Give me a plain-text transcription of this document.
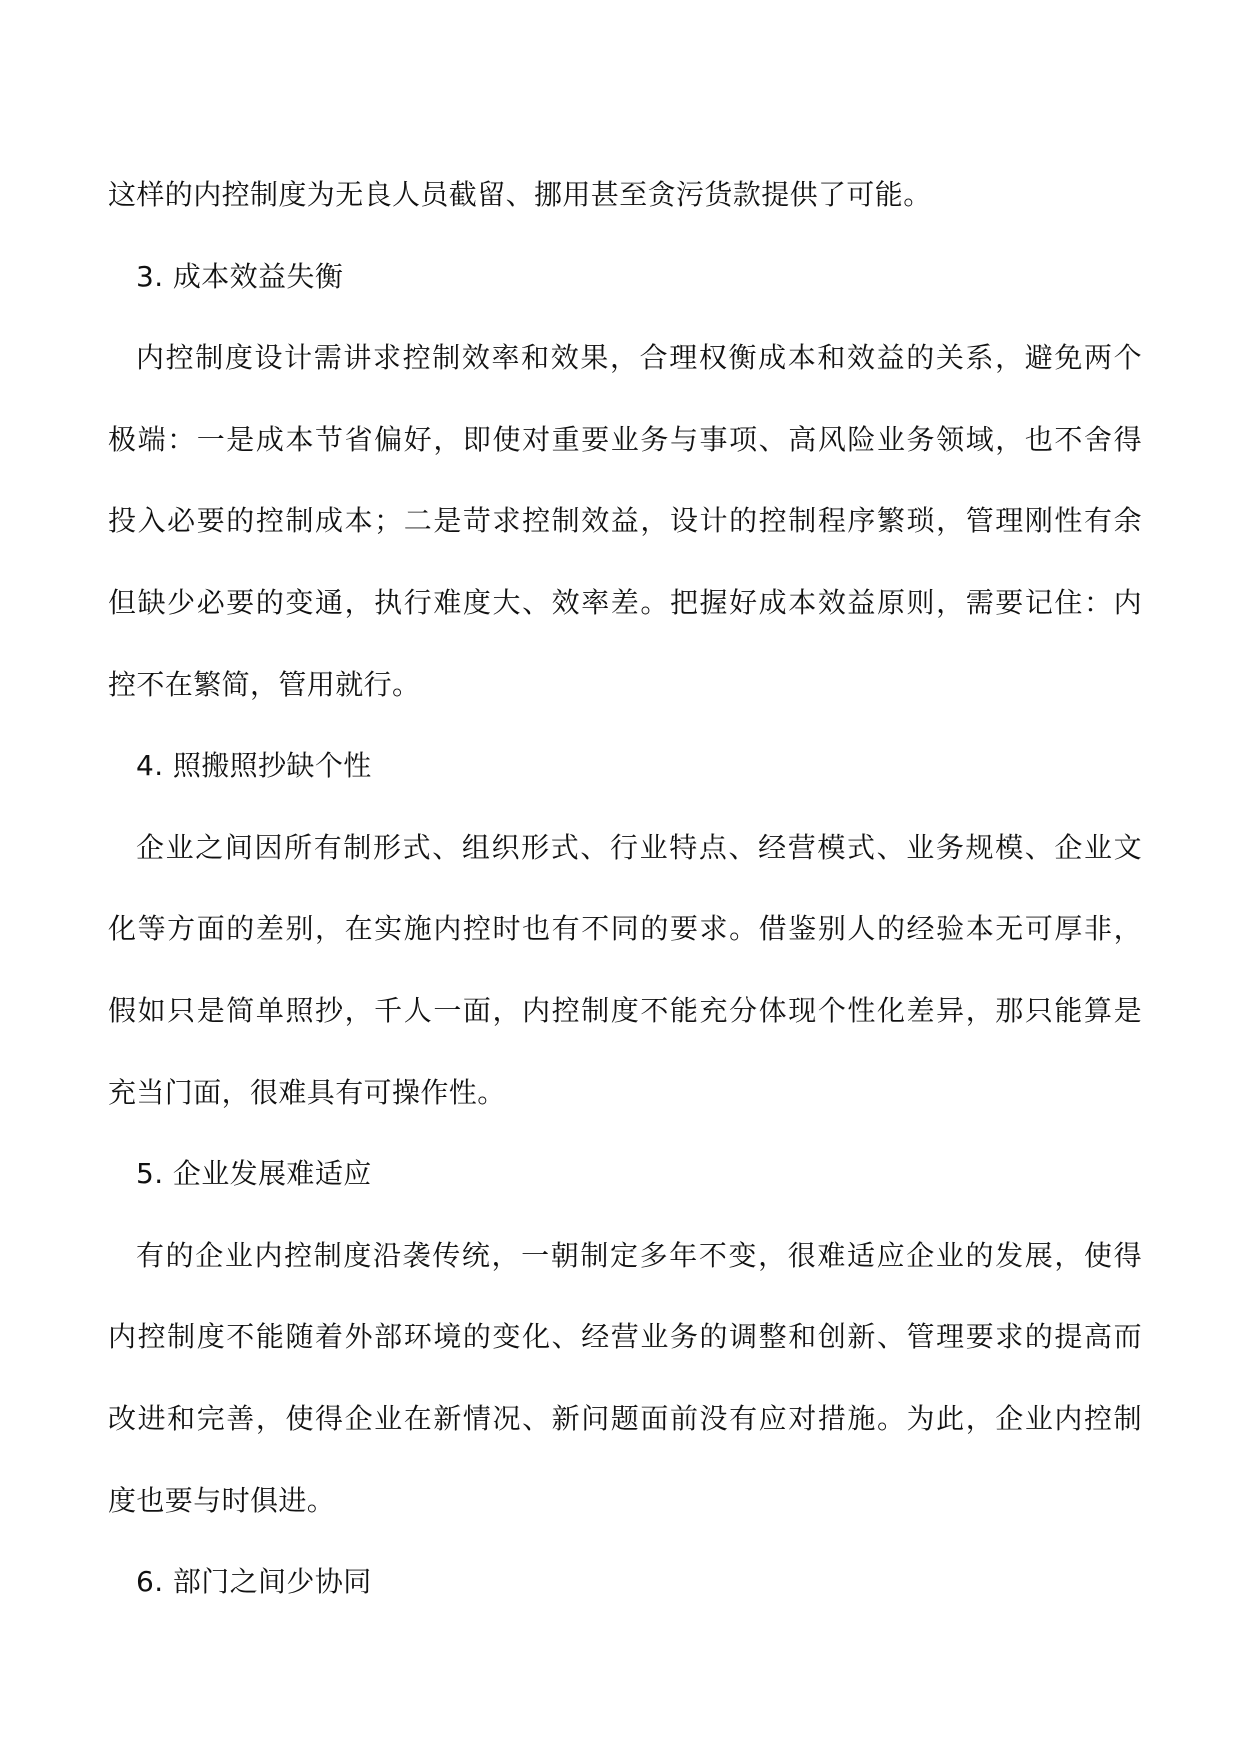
这样的内控制度为无良人员截留、挪用甚至贪污货款提供了可能。
3. 成本效益失衡
内控制度设计需讲求控制效率和效果，合理权衡成本和效益的关系，避免两个
极端：一是成本节省偏好，即使对重要业务与事项、高风险业务领域，也不舍得
投入必要的控制成本；二是苛求控制效益，设计的控制程序繁琐，管理刚性有余
但缺少必要的变通，执行难度大、效率差。把握好成本效益原则，需要记住：内
控不在繁简，管用就行。
4. 照搬照抄缺个性
企业之间因所有制形式、组织形式、行业特点、经营模式、业务规模、企业文
化等方面的差别，在实施内控时也有不同的要求。借鉴别人的经验本无可厚非，
假如只是简单照抄，千人一面，内控制度不能充分体现个性化差异，那只能算是
充当门面，很难具有可操作性。
5. 企业发展难适应
有的企业内控制度沿袭传统，一朝制定多年不变，很难适应企业的发展，使得
内控制度不能随着外部环境的变化、经营业务的调整和创新、管理要求的提高而
改进和完善，使得企业在新情况、新问题面前没有应对措施。为此，企业内控制
度也要与时俱进。
6. 部门之间少协同
